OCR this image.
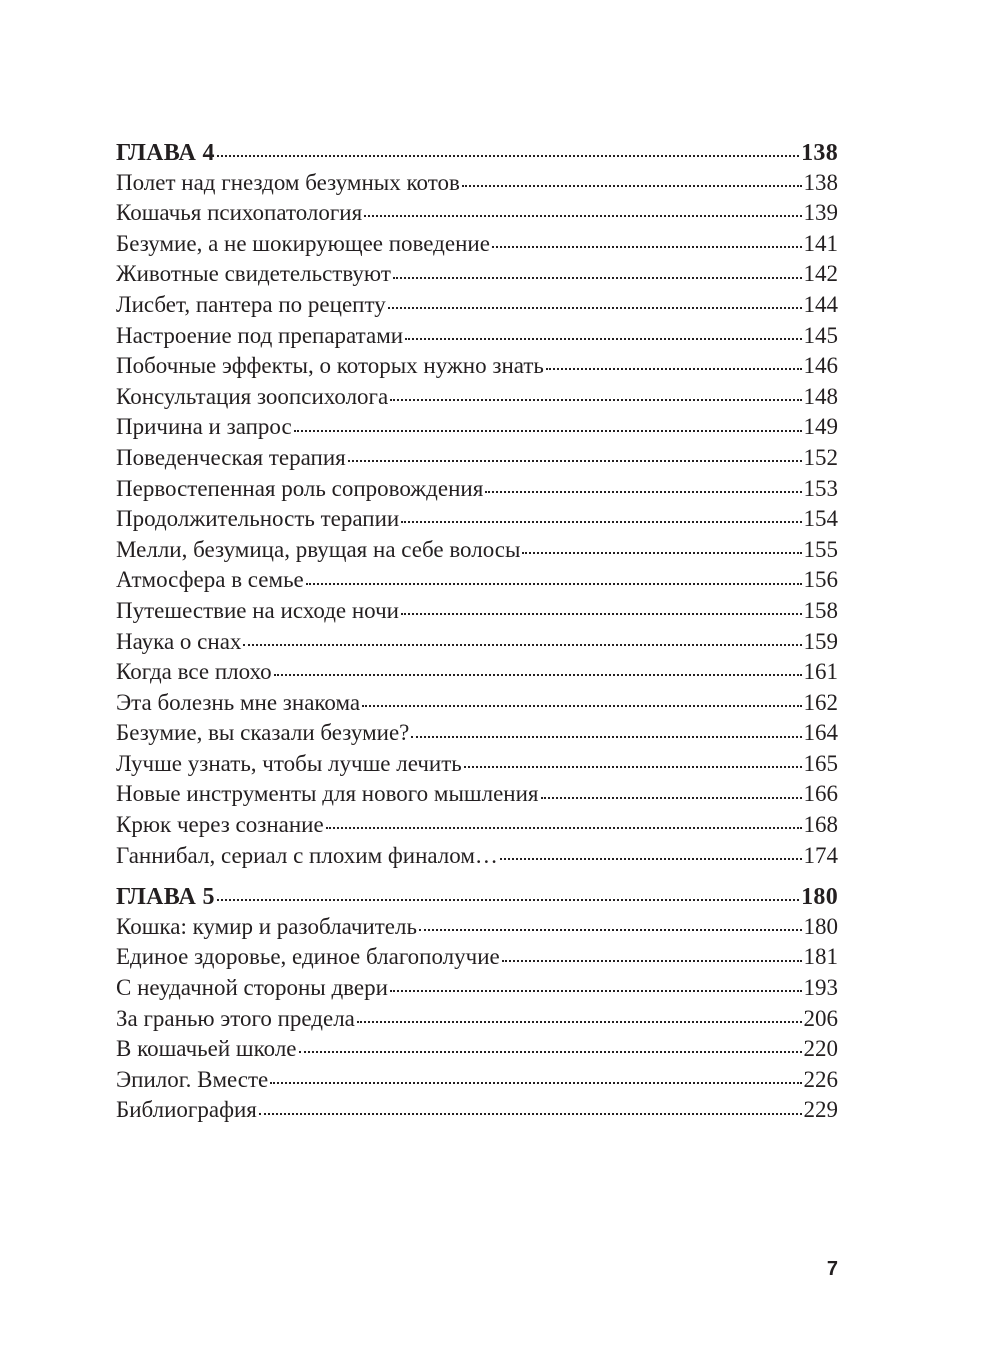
ГЛАВА 4	138
Полет над гнездом безумных котов	138
Кошачья психопатология	139
Безумие, а не шокирующее поведение	141
Животные свидетельствуют	142
Лисбет, пантера по рецепту	144
Настроение под препаратами	145
Побочные эффекты, о которых нужно знать	146
Консультация зоопсихолога	148
Причина и запрос	149
Поведенческая терапия	152
Первостепенная роль сопровождения	153
Продолжительность терапии	154
Мелли, безумица, рвущая на себе волосы	155
Атмосфера в семье	156
Путешествие на исходе ночи	158
Наука о снах	159
Когда все плохо	161
Эта болезнь мне знакома	162
Безумие, вы сказали безумие?	164
Лучше узнать, чтобы лучше лечить	165
Новые инструменты для нового мышления	166
Крюк через сознание	168
Ганнибал, сериал с плохим финалом…	174
ГЛАВА 5	180
Кошка: кумир и разоблачитель	180
Единое здоровье, единое благополучие	181
С неудачной стороны двери	193
За гранью этого предела	206
В кошачьей школе	220
Эпилог. Вместе	226
Библиография	229
7
